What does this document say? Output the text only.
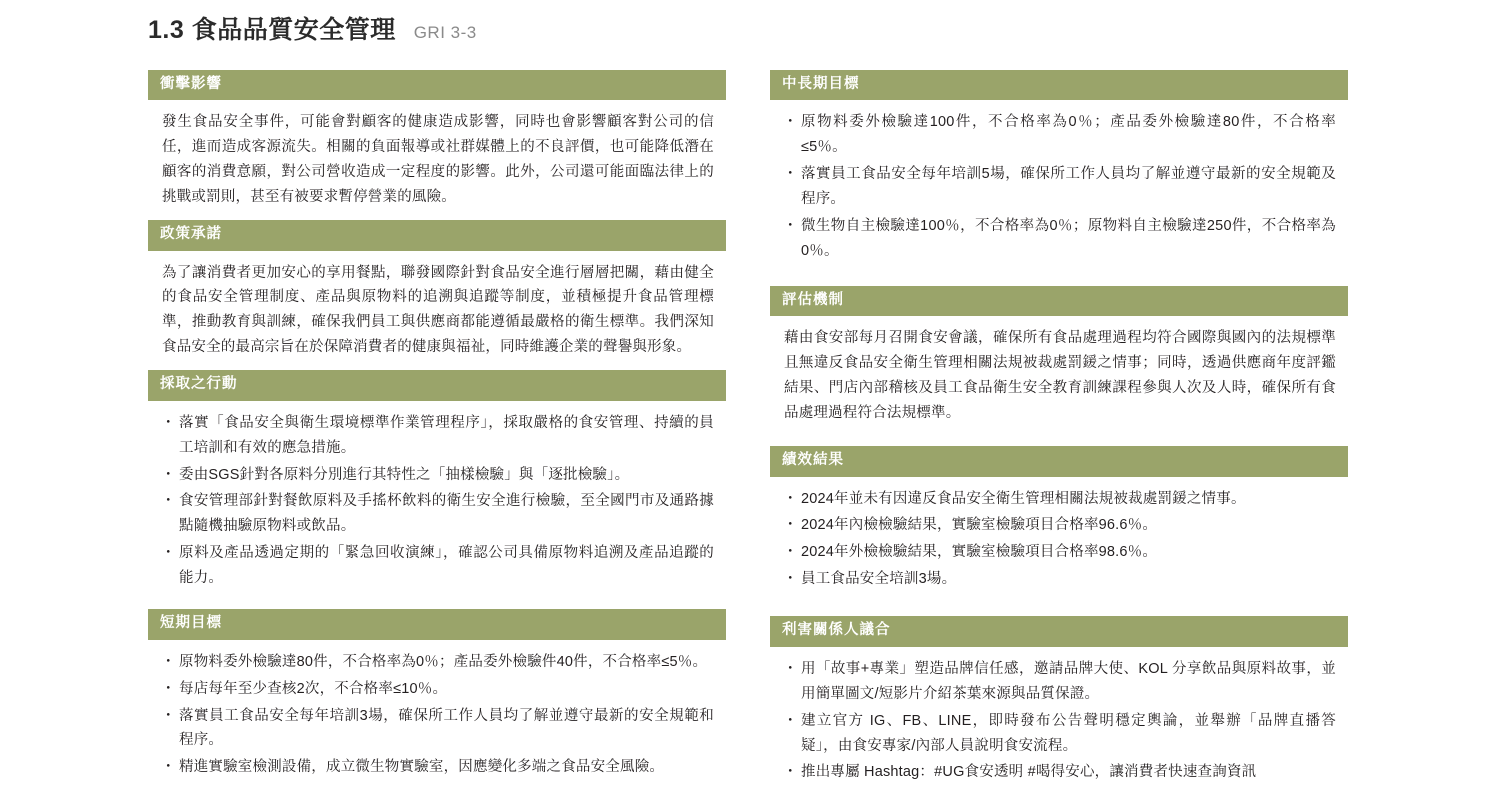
1.3 食品品質安全管理 GRI 3-3
衝擊影響

發生食品安全事件，可能會對顧客的健康造成影響，同時也會影響顧客對公司的信任，進而造成客源流失。相關的負面報導或社群媒體上的不良評價，也可能降低潛在顧客的消費意願，對公司營收造成一定程度的影響。此外，公司還可能面臨法律上的挑戰或罰則，甚至有被要求暫停營業的風險。

政策承諾

為了讓消費者更加安心的享用餐點，聯發國際針對食品安全進行層層把關，藉由健全的食品安全管理制度、產品與原物料的追溯與追蹤等制度，並積極提升食品管理標準，推動教育與訓練，確保我們員工與供應商都能遵循最嚴格的衛生標準。我們深知食品安全的最高宗旨在於保障消費者的健康與福祉，同時維護企業的聲譽與形象。

採取之行動
・ 落實「食品安全與衛生環境標準作業管理程序」，採取嚴格的食安管理、持續的員工培訓和有效的應急措施。
・ 委由SGS針對各原料分別進行其特性之「抽樣檢驗」與「逐批檢驗」。
・ 食安管理部針對餐飲原料及手搖杯飲料的衛生安全進行檢驗，至全國門市及通路據點隨機抽驗原物料或飲品。
・ 原料及產品透過定期的「緊急回收演練」，確認公司具備原物料追溯及產品追蹤的能力。
短期目標
・ 原物料委外檢驗達80件，不合格率為0％；產品委外檢驗件40件，不合格率≤5％。
・ 每店每年至少查核2次，不合格率≤10％。
・ 落實員工食品安全每年培訓3場，確保所工作人員均了解並遵守最新的安全規範和程序。
・ 精進實驗室檢測設備，成立微生物實驗室，因應變化多端之食品安全風險。
中長期目標
・ 原物料委外檢驗達100件，不合格率為0％；產品委外檢驗達80件，不合格率≤5％。
・ 落實員工食品安全每年培訓5場，確保所工作人員均了解並遵守最新的安全規範及程序。
・ 微生物自主檢驗達100％，不合格率為0％；原物料自主檢驗達250件，不合格率為0％。
評估機制

藉由食安部每月召開食安會議，確保所有食品處理過程均符合國際與國內的法規標準且無違反食品安全衛生管理相關法規被裁處罰鍰之情事；同時，透過供應商年度評鑑結果、門店內部稽核及員工食品衛生安全教育訓練課程參與人次及人時，確保所有食品處理過程符合法規標準。

績效結果
・ 2024年並未有因違反食品安全衛生管理相關法規被裁處罰鍰之情事。
・ 2024年內檢檢驗結果，實驗室檢驗項目合格率96.6％。
・ 2024年外檢檢驗結果，實驗室檢驗項目合格率98.6％。
・ 員工食品安全培訓3場。
利害關係人議合
・ 用「故事+專業」塑造品牌信任感，邀請品牌大使、KOL 分享飲品與原料故事，並用簡單圖文/短影片介紹茶葉來源與品質保證。
・ 建立官方 IG、FB、LINE，即時發布公告聲明穩定輿論，並舉辦「品牌直播答疑」，由食安專家/內部人員說明食安流程。
・ 推出專屬 Hashtag：#UG食安透明 #喝得安心，讓消費者快速查詢資訊
